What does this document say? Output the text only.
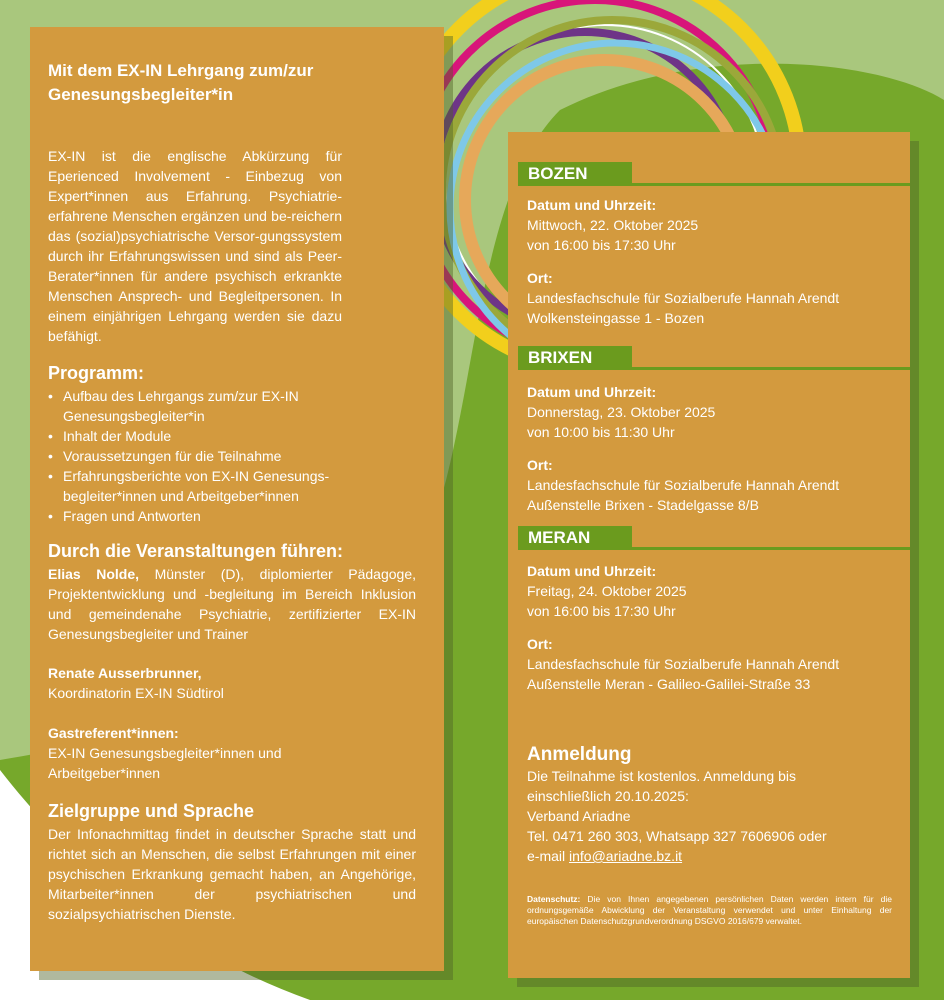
Mit dem EX-IN Lehrgang zum/zur
Genesungsbegleiter*in

EX-IN ist die englische Abkürzung für Eperienced Involvement - Einbezug von Expert*innen aus Erfahrung. Psychiatrie-erfahrene Menschen ergänzen und be-reichern das (sozial)psychiatrische Versor-gungssystem durch ihr Erfahrungswissen und sind als Peer-Berater*innen für andere psychisch erkrankte Menschen Ansprech- und Begleitpersonen. In einem einjährigen Lehrgang werden sie dazu befähigt.

Programm:
• Aufbau des Lehrgangs zum/zur EX-IN Genesungsbegleiter*in
• Inhalt der Module
• Voraussetzungen für die Teilnahme
• Erfahrungsberichte von EX-IN Genesungs-begleiter*innen und Arbeitgeber*innen
• Fragen und Antworten
Durch die Veranstaltungen führen:

Elias Nolde, Münster (D), diplomierter Pädagoge, Projektentwicklung und -begleitung im Bereich Inklusion und gemeindenahe Psychiatrie, zertifizierter EX-IN Genesungsbegleiter und Trainer

Renate Ausserbrunner,

Koordinatorin EX-IN Südtirol

Gastreferent*innen:

EX-IN Genesungsbegleiter*innen und

Arbeitgeber*innen

Zielgruppe und Sprache

Der Infonachmittag findet in deutscher Sprache statt und richtet sich an Menschen, die selbst Erfahrungen mit einer psychischen Erkrankung gemacht haben, an Angehörige, Mitarbeiter*innen der psychiatrischen und sozialpsychiatrischen Dienste.

BOZEN

Datum und Uhrzeit:

Mittwoch, 22. Oktober 2025

von 16:00 bis 17:30 Uhr

Ort:

Landesfachschule für Sozialberufe Hannah Arendt

Wolkensteingasse 1 - Bozen

BRIXEN

Datum und Uhrzeit:

Donnerstag, 23. Oktober 2025

von 10:00 bis 11:30 Uhr

Ort:

Landesfachschule für Sozialberufe Hannah Arendt

Außenstelle Brixen - Stadelgasse 8/B

MERAN

Datum und Uhrzeit:

Freitag, 24. Oktober 2025

von 16:00 bis 17:30 Uhr

Ort:

Landesfachschule für Sozialberufe Hannah Arendt

Außenstelle Meran - Galileo-Galilei-Straße 33

Anmeldung

Die Teilnahme ist kostenlos. Anmeldung bis

einschließlich 20.10.2025:

Verband Ariadne

Tel. 0471 260 303, Whatsapp 327 7606906 oder

e-mail info@ariadne.bz.it

Datenschutz: Die von Ihnen angegebenen persönlichen Daten werden intern für die ordnungsgemäße Abwicklung der Veranstaltung verwendet und unter Einhaltung der europäischen Datenschutzgrundverordnung DSGVO 2016/679 verwaltet.
